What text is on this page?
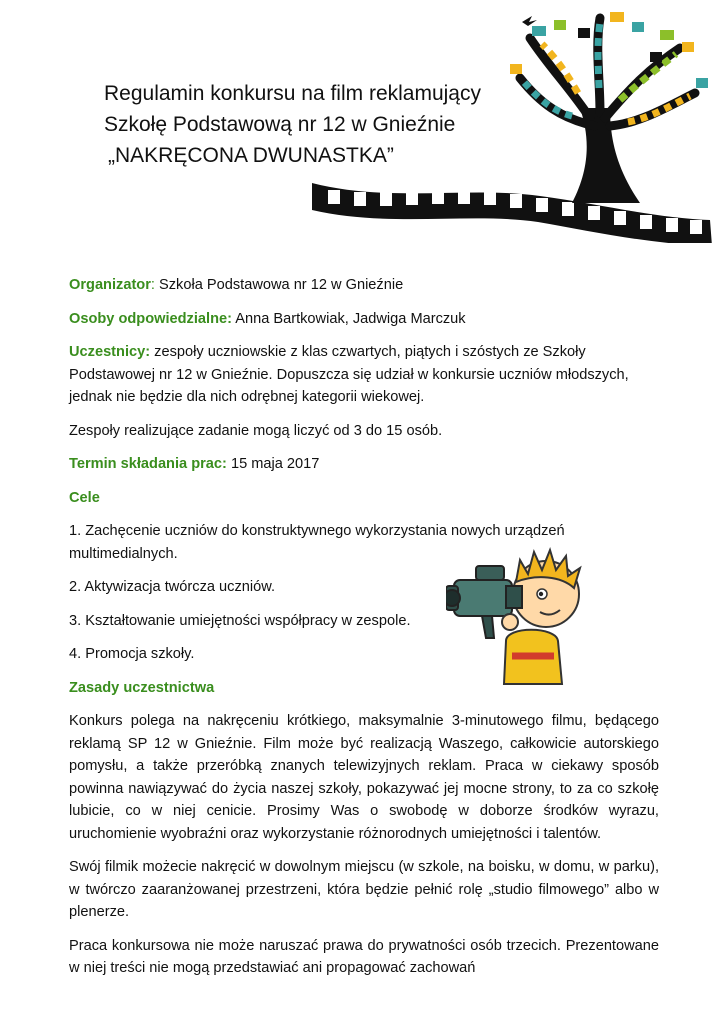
Regulamin konkursu na film reklamujący
Szkołę Podstawową nr 12 w Gnieźnie
„NAKRĘCONA DWUNASTKA”

Organizator: Szkoła Podstawowa nr 12 w Gnieźnie

Osoby odpowiedzialne: Anna Bartkowiak, Jadwiga Marczuk

Uczestnicy: zespoły uczniowskie z klas czwartych, piątych i szóstych ze Szkoły Podstawowej nr 12 w Gnieźnie. Dopuszcza się udział w konkursie uczniów młodszych, jednak nie będzie dla nich odrębnej kategorii wiekowej.

Zespoły realizujące zadanie mogą liczyć od 3 do 15 osób.

Termin składania prac: 15 maja 2017

Cele
1. Zachęcenie uczniów do konstruktywnego wykorzystania nowych urządzeń multimedialnych.
2. Aktywizacja twórcza uczniów.
3. Kształtowanie umiejętności współpracy w zespole.
4. Promocja szkoły.
Zasady uczestnictwa

Konkurs polega na nakręceniu krótkiego, maksymalnie 3-minutowego filmu, będącego reklamą SP 12 w Gnieźnie. Film może być realizacją Waszego, całkowicie autorskiego pomysłu, a także przeróbką znanych telewizyjnych reklam. Praca w ciekawy sposób powinna nawiązywać do życia naszej szkoły, pokazywać jej mocne strony, to za co szkołę lubicie, co w niej cenicie. Prosimy Was o swobodę w doborze środków wyrazu, uruchomienie wyobraźni oraz wykorzystanie różnorodnych umiejętności i talentów.

Swój filmik możecie nakręcić w dowolnym miejscu (w szkole, na boisku, w domu, w parku), w twórczo zaaranżowanej przestrzeni, która będzie pełnić rolę „studio filmowego” albo w plenerze.

Praca konkursowa nie może naruszać prawa do prywatności osób trzecich. Prezentowane w niej treści nie mogą przedstawiać ani propagować zachowań
